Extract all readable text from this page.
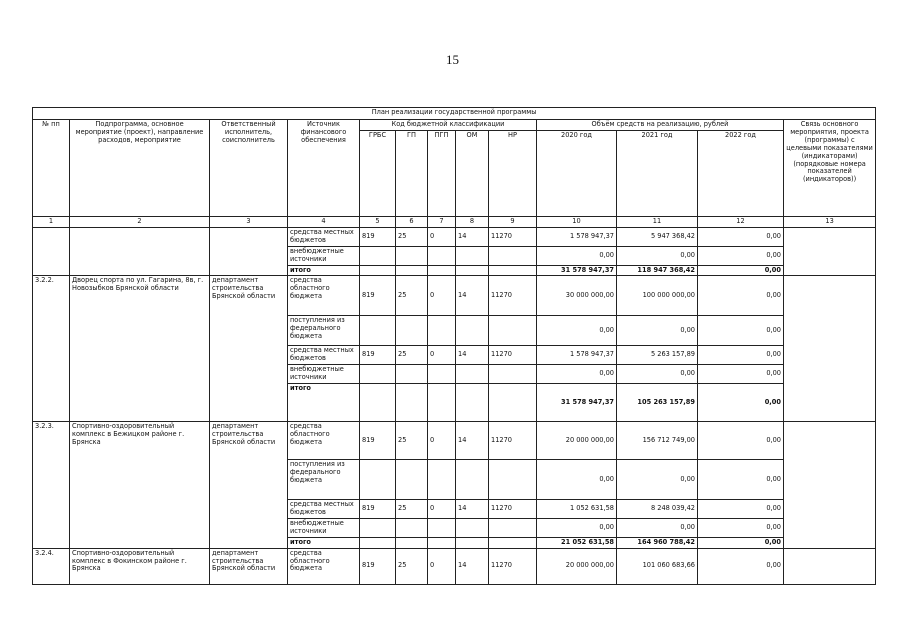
15
План реализации государственной программы												
№ пп	Подпрограмма, основное мероприятие (проект), направление расходов, мероприятие	Ответственный исполнитель, соисполнитель	Источник финансового обеспечения	Код бюджетной классификации					Объём средств на реализацию, рублей			Связь основного мероприятия, проекта (программы) с целевыми показателями (индикаторами) (порядковые номера показателей (индикаторов))
				ГРБС	ГП	ПГП	ОМ	НР	2020 год	2021 год	2022 год	
1	2	3	4	5	6	7	8	9	10	11	12	13
			средства местных бюджетов	819	25	0	14	11270	1 578 947,37	5 947 368,42	0,00	
			внебюджетные источники						0,00	0,00	0,00	
			итого						31 578 947,37	118 947 368,42	0,00	
3.2.2.	Дворец спорта по ул. Гагарина, 8в, г. Новозыбков Брянской области	департамент строительства Брянской области	средства областного бюджета	819	25	0	14	11270	30 000 000,00	100 000 000,00	0,00	
			поступления из федерального бюджета						0,00	0,00	0,00	
			средства местных бюджетов	819	25	0	14	11270	1 578 947,37	5 263 157,89	0,00	
			внебюджетные источники						0,00	0,00	0,00	
			итого						31 578 947,37	105 263 157,89	0,00	
3.2.3.	Спортивно-оздоровительный комплекс в Бежицком районе г. Брянска	департамент строительства Брянской области	средства областного бюджета	819	25	0	14	11270	20 000 000,00	156 712 749,00	0,00	
			поступления из федерального бюджета						0,00	0,00	0,00	
			средства местных бюджетов	819	25	0	14	11270	1 052 631,58	8 248 039,42	0,00	
			внебюджетные источники						0,00	0,00	0,00	
			итого						21 052 631,58	164 960 788,42	0,00	
3.2.4.	Спортивно-оздоровительный комплекс в Фокинском районе г. Брянска	департамент строительства Брянской области	средства областного бюджета	819	25	0	14	11270	20 000 000,00	101 060 683,66	0,00	
